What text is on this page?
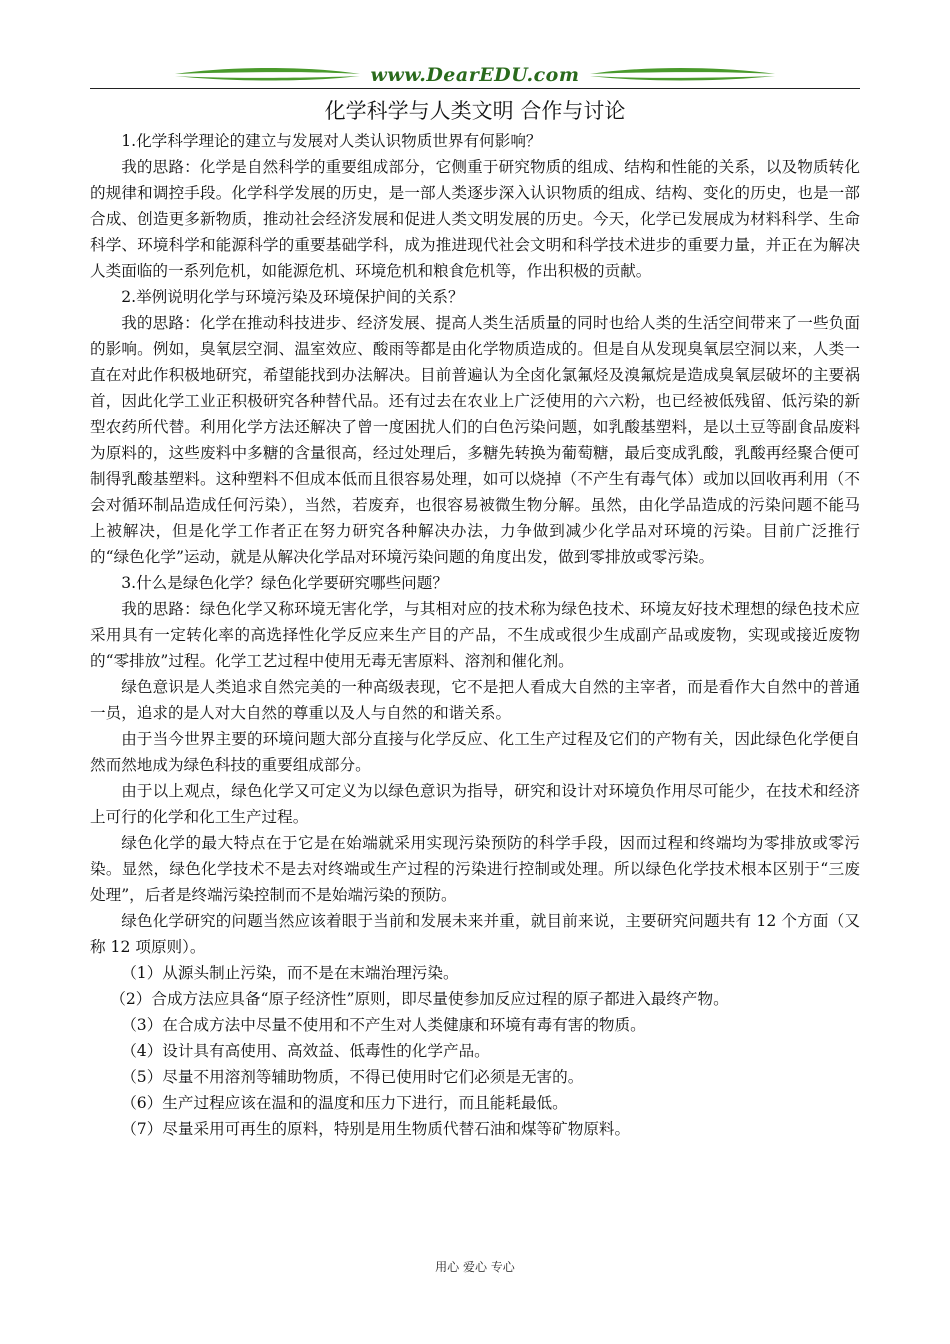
www.DearEDU.com
化学科学与人类文明 合作与讨论

1.化学科学理论的建立与发展对人类认识物质世界有何影响？

我的思路：化学是自然科学的重要组成部分，它侧重于研究物质的组成、结构和性能的关系，以及物质转化的规律和调控手段。化学科学发展的历史，是一部人类逐步深入认识物质的组成、结构、变化的历史，也是一部合成、创造更多新物质，推动社会经济发展和促进人类文明发展的历史。今天，化学已发展成为材料科学、生命科学、环境科学和能源科学的重要基础学科，成为推进现代社会文明和科学技术进步的重要力量，并正在为解决人类面临的一系列危机，如能源危机、环境危机和粮食危机等，作出积极的贡献。

2.举例说明化学与环境污染及环境保护间的关系？

我的思路：化学在推动科技进步、经济发展、提高人类生活质量的同时也给人类的生活空间带来了一些负面的影响。例如，臭氧层空洞、温室效应、酸雨等都是由化学物质造成的。但是自从发现臭氧层空洞以来，人类一直在对此作积极地研究，希望能找到办法解决。目前普遍认为全卤化氯氟烃及溴氟烷是造成臭氧层破坏的主要祸首，因此化学工业正积极研究各种替代品。还有过去在农业上广泛使用的六六粉，也已经被低残留、低污染的新型农药所代替。利用化学方法还解决了曾一度困扰人们的白色污染问题，如乳酸基塑料，是以土豆等副食品废料为原料的，这些废料中多糖的含量很高，经过处理后，多糖先转换为葡萄糖，最后变成乳酸，乳酸再经聚合便可制得乳酸基塑料。这种塑料不但成本低而且很容易处理，如可以烧掉（不产生有毒气体）或加以回收再利用（不会对循环制品造成任何污染），当然，若废弃，也很容易被微生物分解。虽然，由化学品造成的污染问题不能马上被解决，但是化学工作者正在努力研究各种解决办法，力争做到减少化学品对环境的污染。目前广泛推行的“绿色化学”运动，就是从解决化学品对环境污染问题的角度出发，做到零排放或零污染。

3.什么是绿色化学？绿色化学要研究哪些问题？

我的思路：绿色化学又称环境无害化学，与其相对应的技术称为绿色技术、环境友好技术理想的绿色技术应采用具有一定转化率的高选择性化学反应来生产目的产品，不生成或很少生成副产品或废物，实现或接近废物的“零排放”过程。化学工艺过程中使用无毒无害原料、溶剂和催化剂。

绿色意识是人类追求自然完美的一种高级表现，它不是把人看成大自然的主宰者，而是看作大自然中的普通一员，追求的是人对大自然的尊重以及人与自然的和谐关系。

由于当今世界主要的环境问题大部分直接与化学反应、化工生产过程及它们的产物有关，因此绿色化学便自然而然地成为绿色科技的重要组成部分。

由于以上观点，绿色化学又可定义为以绿色意识为指导，研究和设计对环境负作用尽可能少，在技术和经济上可行的化学和化工生产过程。

绿色化学的最大特点在于它是在始端就采用实现污染预防的科学手段，因而过程和终端均为零排放或零污染。显然，绿色化学技术不是去对终端或生产过程的污染进行控制或处理。所以绿色化学技术根本区别于“三废处理”，后者是终端污染控制而不是始端污染的预防。

绿色化学研究的问题当然应该着眼于当前和发展未来并重，就目前来说，主要研究问题共有 12 个方面（又称 12 项原则）。

（1）从源头制止污染，而不是在末端治理污染。

（2）合成方法应具备“原子经济性”原则，即尽量使参加反应过程的原子都进入最终产物。

（3）在合成方法中尽量不使用和不产生对人类健康和环境有毒有害的物质。

（4）设计具有高使用、高效益、低毒性的化学产品。

（5）尽量不用溶剂等辅助物质，不得已使用时它们必须是无害的。

（6）生产过程应该在温和的温度和压力下进行，而且能耗最低。

（7）尽量采用可再生的原料，特别是用生物质代替石油和煤等矿物原料。

用心 爱心 专心
